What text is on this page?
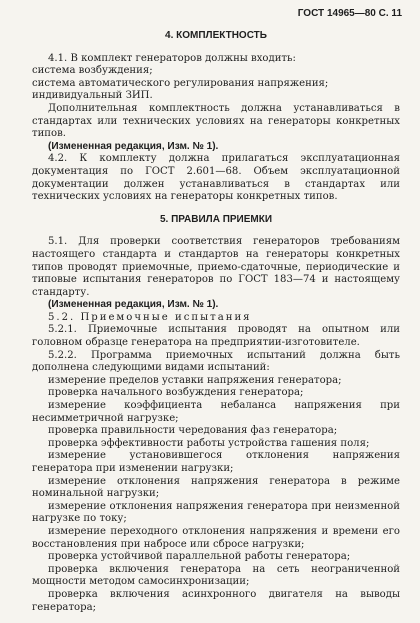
ГОСТ 14965—80 С. 11
4. КОМПЛЕКТНОСТЬ

4.1. В комплект генераторов должны входить:

система возбуждения;

система автоматического регулирования напряжения;

индивидуальный ЗИП.

Дополнительная комплектность должна устанавливаться в стандартах или технических условиях на генераторы конкретных типов.

(Измененная редакция, Изм. № 1).

4.2. К комплекту должна прилагаться эксплуатационная документация по ГОСТ 2.601—68. Объем эксплуатационной документации должен устанавливаться в стандартах или технических условиях на генераторы конкретных типов.

5. ПРАВИЛА ПРИЕМКИ

5.1. Для проверки соответствия генераторов требованиям настоящего стандарта и стандартов на генераторы конкретных типов проводят приемочные, приемо-сдаточные, периодические и типовые испытания генераторов по ГОСТ 183—74 и настоящему стандарту.

(Измененная редакция, Изм. № 1).

5.2. Приемочные испытания

5.2.1. Приемочные испытания проводят на опытном или головном образце генератора на предприятии-изготовителе.

5.2.2. Программа приемочных испытаний должна быть дополнена следующими видами испытаний:

измерение пределов уставки напряжения генератора;

проверка начального возбуждения генератора;

измерение коэффициента небаланса напряжения при несимметричной нагрузке;

проверка правильности чередования фаз генератора;

проверка эффективности работы устройства гашения поля;

измерение установившегося отклонения напряжения генератора при изменении нагрузки;

измерение отклонения напряжения генератора в режиме номинальной нагрузки;

измерение отклонения напряжения генератора при неизменной нагрузке по току;

измерение переходного отклонения напряжения и времени его восстановления при набросе или сбросе нагрузки;

проверка устойчивой параллельной работы генератора;

проверка включения генератора на сеть неограниченной мощности методом самосинхронизации;

проверка включения асинхронного двигателя на выводы генератора;
